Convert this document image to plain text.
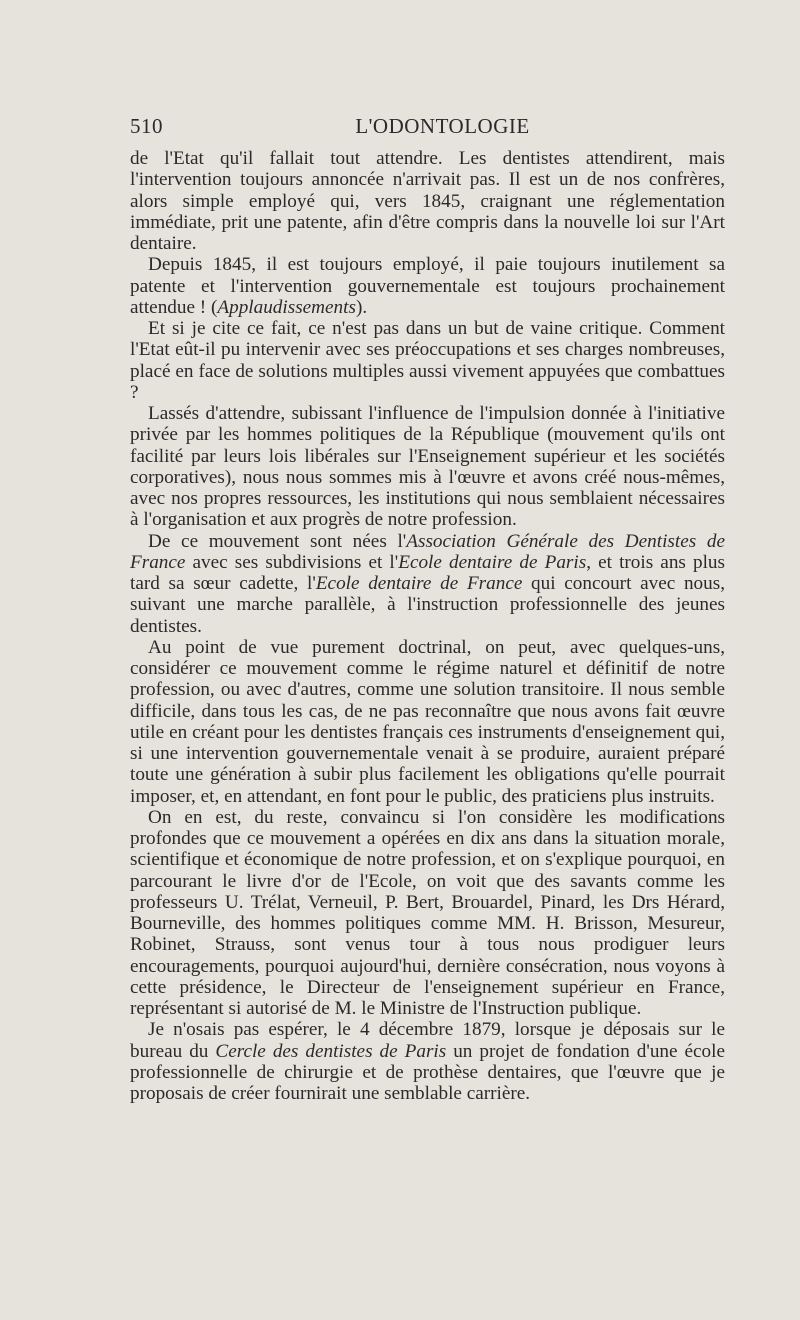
510	L'ODONTOLOGIE

de l'Etat qu'il fallait tout attendre. Les dentistes attendirent, mais l'intervention toujours annoncée n'arrivait pas. Il est un de nos confrères, alors simple employé qui, vers 1845, craignant une réglementation immédiate, prit une patente, afin d'être compris dans la nouvelle loi sur l'Art dentaire.

Depuis 1845, il est toujours employé, il paie toujours inutilement sa patente et l'intervention gouvernementale est toujours prochainement attendue ! (Applaudissements).

Et si je cite ce fait, ce n'est pas dans un but de vaine critique. Comment l'Etat eût-il pu intervenir avec ses préoccupations et ses charges nombreuses, placé en face de solutions multiples aussi vivement appuyées que combattues ?

Lassés d'attendre, subissant l'influence de l'impulsion donnée à l'initiative privée par les hommes politiques de la République (mouvement qu'ils ont facilité par leurs lois libérales sur l'Enseignement supérieur et les sociétés corporatives), nous nous sommes mis à l'œuvre et avons créé nous-mêmes, avec nos propres ressources, les institutions qui nous semblaient nécessaires à l'organisation et aux progrès de notre profession.

De ce mouvement sont nées l'Association Générale des Dentistes de France avec ses subdivisions et l'Ecole dentaire de Paris, et trois ans plus tard sa sœur cadette, l'Ecole dentaire de France qui concourt avec nous, suivant une marche parallèle, à l'instruction professionnelle des jeunes dentistes.

Au point de vue purement doctrinal, on peut, avec quelques-uns, considérer ce mouvement comme le régime naturel et définitif de notre profession, ou avec d'autres, comme une solution transitoire. Il nous semble difficile, dans tous les cas, de ne pas reconnaître que nous avons fait œuvre utile en créant pour les dentistes français ces instruments d'enseignement qui, si une intervention gouvernementale venait à se produire, auraient préparé toute une génération à subir plus facilement les obligations qu'elle pourrait imposer, et, en attendant, en font pour le public, des praticiens plus instruits.

On en est, du reste, convaincu si l'on considère les modifications profondes que ce mouvement a opérées en dix ans dans la situation morale, scientifique et économique de notre profession, et on s'explique pourquoi, en parcourant le livre d'or de l'Ecole, on voit que des savants comme les professeurs U. Trélat, Verneuil, P. Bert, Brouardel, Pinard, les Drs Hérard, Bourneville, des hommes politiques comme MM. H. Brisson, Mesureur, Robinet, Strauss, sont venus tour à tous nous prodiguer leurs encouragements, pourquoi aujourd'hui, dernière consécration, nous voyons à cette présidence, le Directeur de l'enseignement supérieur en France, représentant si autorisé de M. le Ministre de l'Instruction publique.

Je n'osais pas espérer, le 4 décembre 1879, lorsque je déposais sur le bureau du Cercle des dentistes de Paris un projet de fondation d'une école professionnelle de chirurgie et de prothèse dentaires, que l'œuvre que je proposais de créer fournirait une semblable carrière.
